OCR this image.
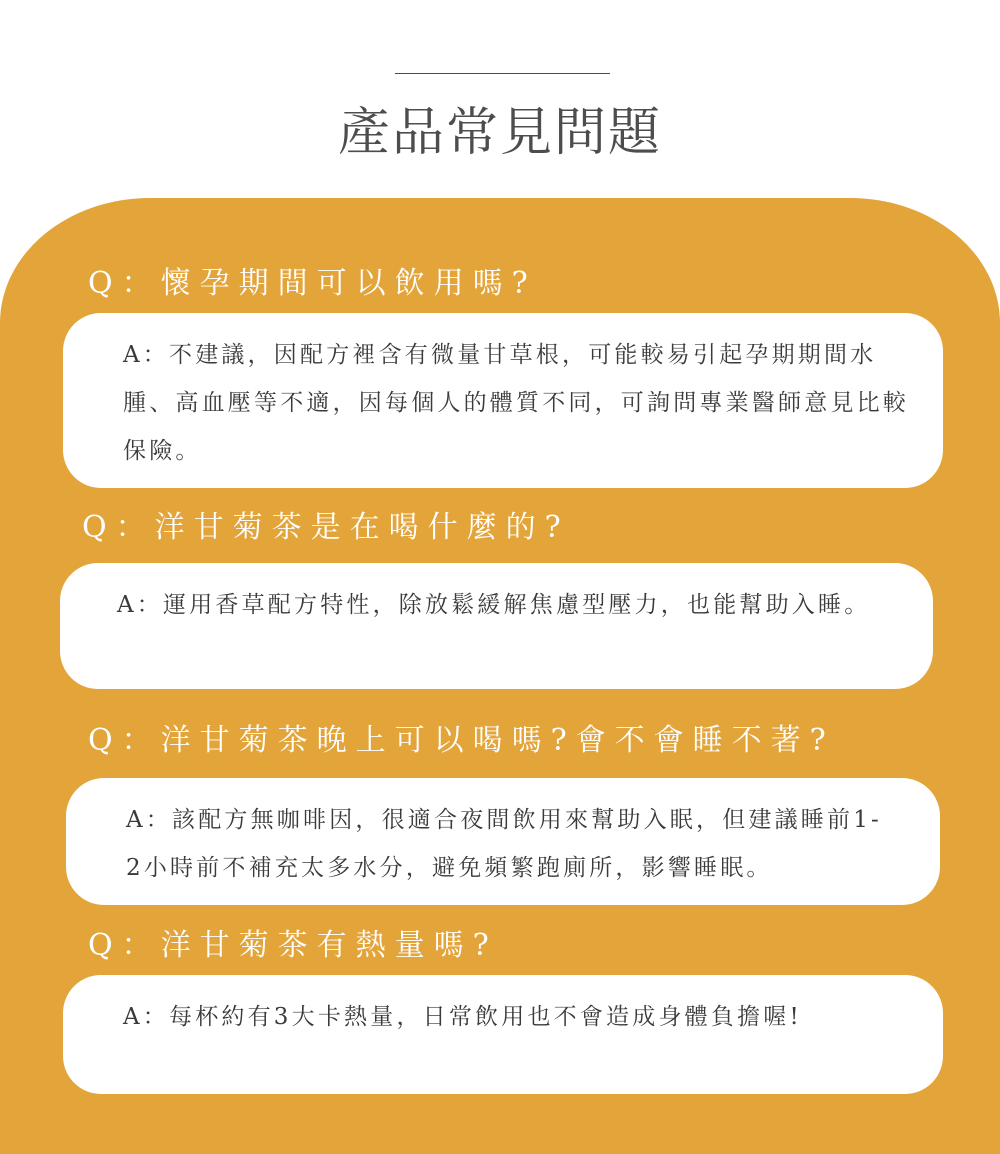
產品常見問題
Q：懷孕期間可以飲用嗎?
A：不建議，因配方裡含有微量甘草根，可能較易引起孕期期間水腫、高血壓等不適，因每個人的體質不同，可詢問專業醫師意見比較保險。
Q：洋甘菊茶是在喝什麼的?
A：運用香草配方特性，除放鬆緩解焦慮型壓力，也能幫助入睡。
Q：洋甘菊茶晚上可以喝嗎?會不會睡不著?
A：該配方無咖啡因，很適合夜間飲用來幫助入眠，但建議睡前1-2小時前不補充太多水分，避免頻繁跑廁所，影響睡眠。
Q：洋甘菊茶有熱量嗎?
A：每杯約有3大卡熱量，日常飲用也不會造成身體負擔喔!
